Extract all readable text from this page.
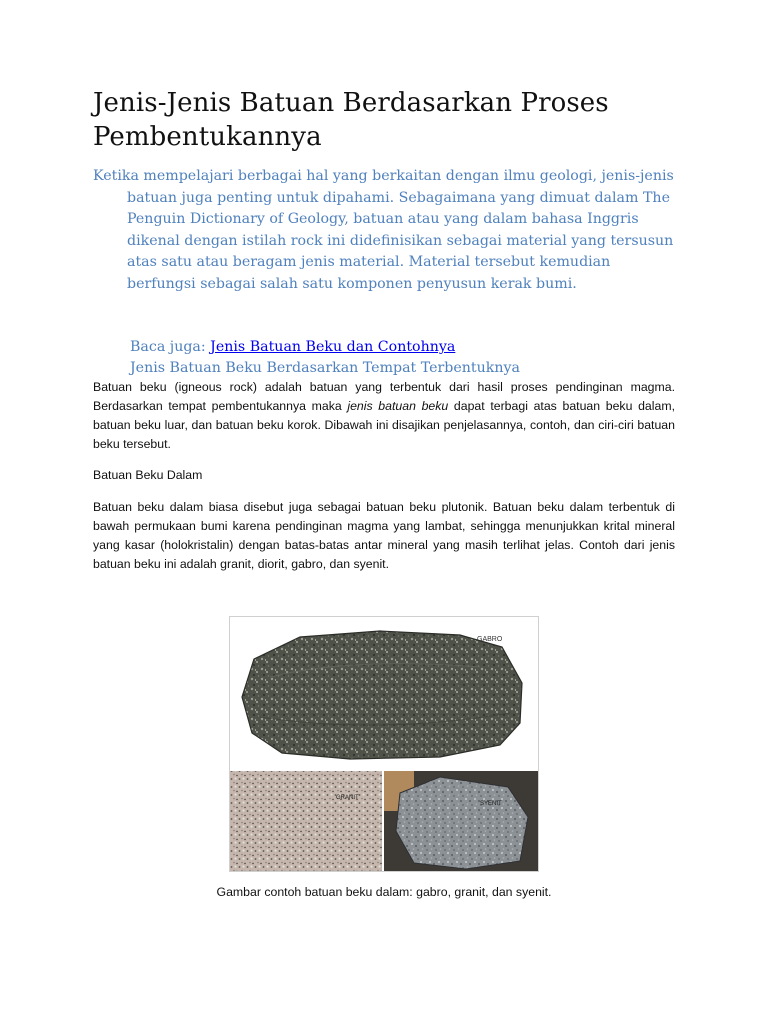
Jenis-Jenis Batuan Berdasarkan Proses Pembentukannya

Ketika mempelajari berbagai hal yang berkaitan dengan ilmu geologi, jenis-jenis batuan juga penting untuk dipahami. Sebagaimana yang dimuat dalam The Penguin Dictionary of Geology, batuan atau yang dalam bahasa Inggris dikenal dengan istilah rock ini didefinisikan sebagai material yang tersusun atas satu atau beragam jenis material. Material tersebut kemudian berfungsi sebagai salah satu komponen penyusun kerak bumi.

Baca juga: Jenis Batuan Beku dan Contohnya
Jenis Batuan Beku Berdasarkan Tempat Terbentuknya

Batuan beku (igneous rock) adalah batuan yang terbentuk dari hasil proses pendinginan magma. Berdasarkan tempat pembentukannya maka jenis batuan beku dapat terbagi atas batuan beku dalam, batuan beku luar, dan batuan beku korok. Dibawah ini disajikan penjelasannya, contoh, dan ciri-ciri batuan beku tersebut.

Batuan Beku Dalam

Batuan beku dalam biasa disebut juga sebagai batuan beku plutonik. Batuan beku dalam terbentuk di bawah permukaan bumi karena pendinginan magma yang lambat, sehingga menunjukkan krital mineral yang kasar (holokristalin) dengan batas-batas antar mineral yang masih terlihat jelas. Contoh dari jenis batuan beku ini adalah granit, diorit, gabro, dan syenit.

GABRO
GRANIT
SYENIT
Gambar contoh batuan beku dalam: gabro, granit, dan syenit.
